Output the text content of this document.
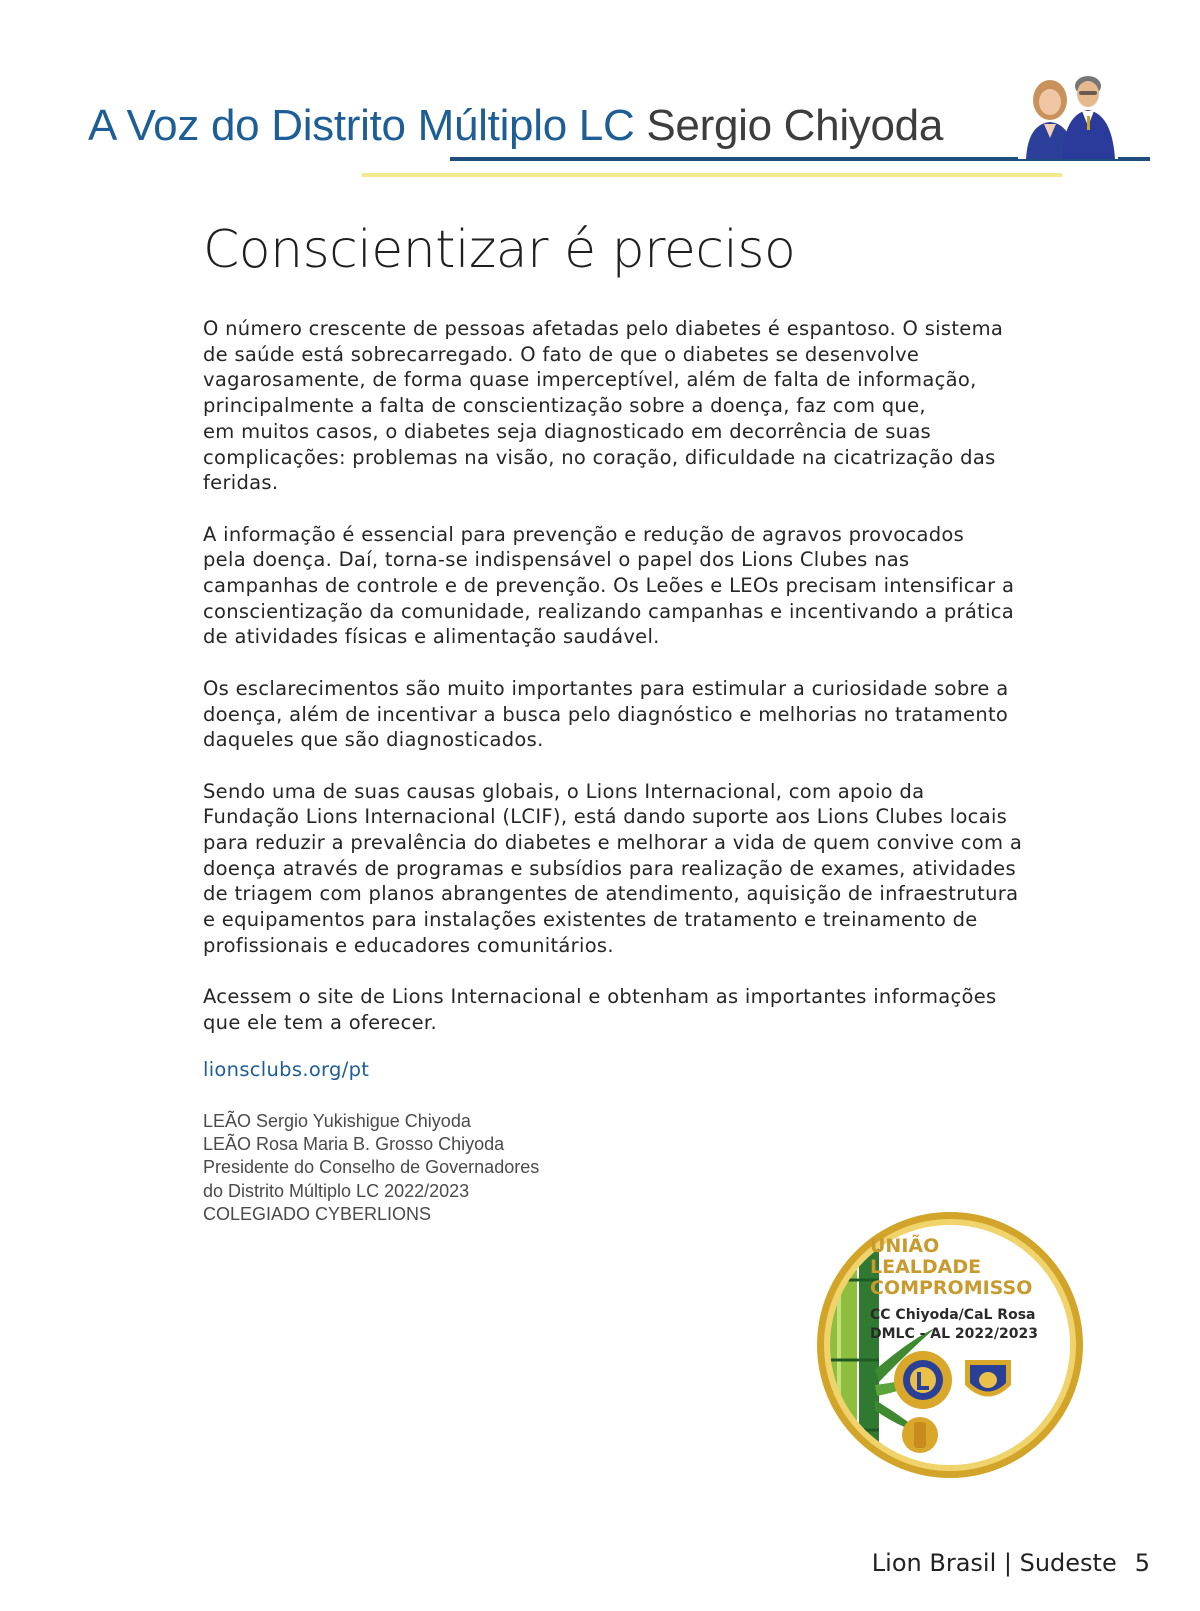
A Voz do Distrito Múltiplo LC Sergio Chiyoda
Conscientizar é preciso

O número crescente de pessoas afetadas pelo diabetes é espantoso. O sistema
de saúde está sobrecarregado. O fato de que o diabetes se desenvolve
vagarosamente, de forma quase imperceptível, além de falta de informação,
principalmente a falta de conscientização sobre a doença, faz com que,
em muitos casos, o diabetes seja diagnosticado em decorrência de suas
complicações: problemas na visão, no coração, dificuldade na cicatrização das
feridas.

A informação é essencial para prevenção e redução de agravos provocados
pela doença. Daí, torna-se indispensável o papel dos Lions Clubes nas
campanhas de controle e de prevenção. Os Leões e LEOs precisam intensificar a
conscientização da comunidade, realizando campanhas e incentivando a prática
de atividades físicas e alimentação saudável.

Os esclarecimentos são muito importantes para estimular a curiosidade sobre a
doença, além de incentivar a busca pelo diagnóstico e melhorias no tratamento
daqueles que são diagnosticados.

Sendo uma de suas causas globais, o Lions Internacional, com apoio da
Fundação Lions Internacional (LCIF), está dando suporte aos Lions Clubes locais
para reduzir a prevalência do diabetes e melhorar a vida de quem convive com a
doença através de programas e subsídios para realização de exames, atividades
de triagem com planos abrangentes de atendimento, aquisição de infraestrutura
e equipamentos para instalações existentes de tratamento e treinamento de
profissionais e educadores comunitários.

Acessem o site de Lions Internacional e obtenham as importantes informações
que ele tem a oferecer.

lionsclubs.org/pt
LEÃO Sergio Yukishigue Chiyoda
LEÃO Rosa Maria B. Grosso Chiyoda
Presidente do Conselho de Governadores
do Distrito Múltiplo LC 2022/2023
COLEGIADO CYBERLIONS
UNIÃO
LEALDADE
COMPROMISSO
CC Chiyoda/CaL Rosa
DMLC - AL 2022/2023
Lion Brasil | Sudeste 5
